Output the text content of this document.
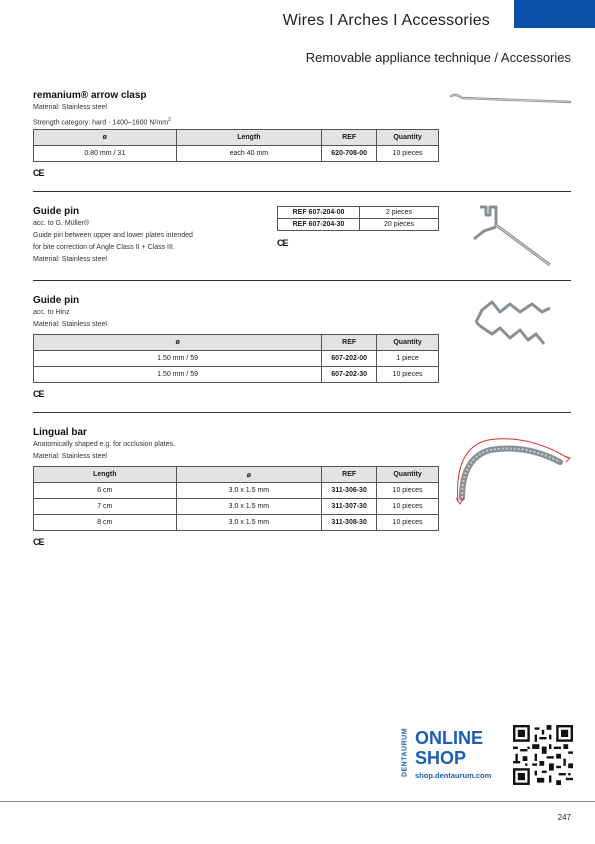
Wires I Arches I Accessories
Removable appliance technique / Accessories
remanium® arrow clasp
Material: Stainless steel
Strength category: hard · 1400–1600 $N/mm^2$
ø	Length	REF	Quantity
0.80 mm / 31	each 40 mm	620-708-00	10 pieces
CE
Guide pin
acc. to G. Müller®
Guide pin between upper and lower plates intended
for bite correction of Angle Class II + Class III.
Material: Stainless steel
REF 607-204-00	2 pieces
REF 607-204-30	20 pieces
CE
Guide pin
acc. to Hinz
Material: Stainless steel
ø	REF	Quantity
1.50 mm / 59	607-202-00	1 piece
1.50 mm / 59	607-202-30	10 pieces
CE
Lingual bar
Anatomically shaped e.g. for occlusion plates.
Material: Stainless steel
Length	⌀	REF	Quantity
6 cm	3.0 x 1.5 mm	311-306-30	10 pieces
7 cm	3.0 x 1.5 mm	311-307-30	10 pieces
8 cm	3.0 x 1.5 mm	311-308-30	10 pieces
CE
DENTAURUM ONLINE
SHOP
shop.dentaurum.com
247
